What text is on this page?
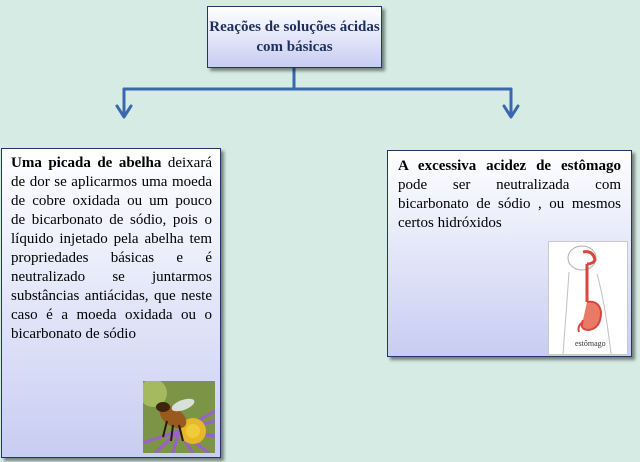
Reações de soluções ácidas com básicas
Uma picada de abelha deixará de dor se aplicarmos uma moeda de cobre oxidada ou um pouco de bicarbonato de sódio, pois o líquido injetado pela abelha tem propriedades básicas e é neutralizado se juntarmos substâncias antiácidas, que neste caso é a moeda oxidada ou o bicarbonato de sódio
A excessiva acidez de estômago pode ser neutralizada com bicarbonato de sódio , ou mesmos certos hidróxidos
estômago
